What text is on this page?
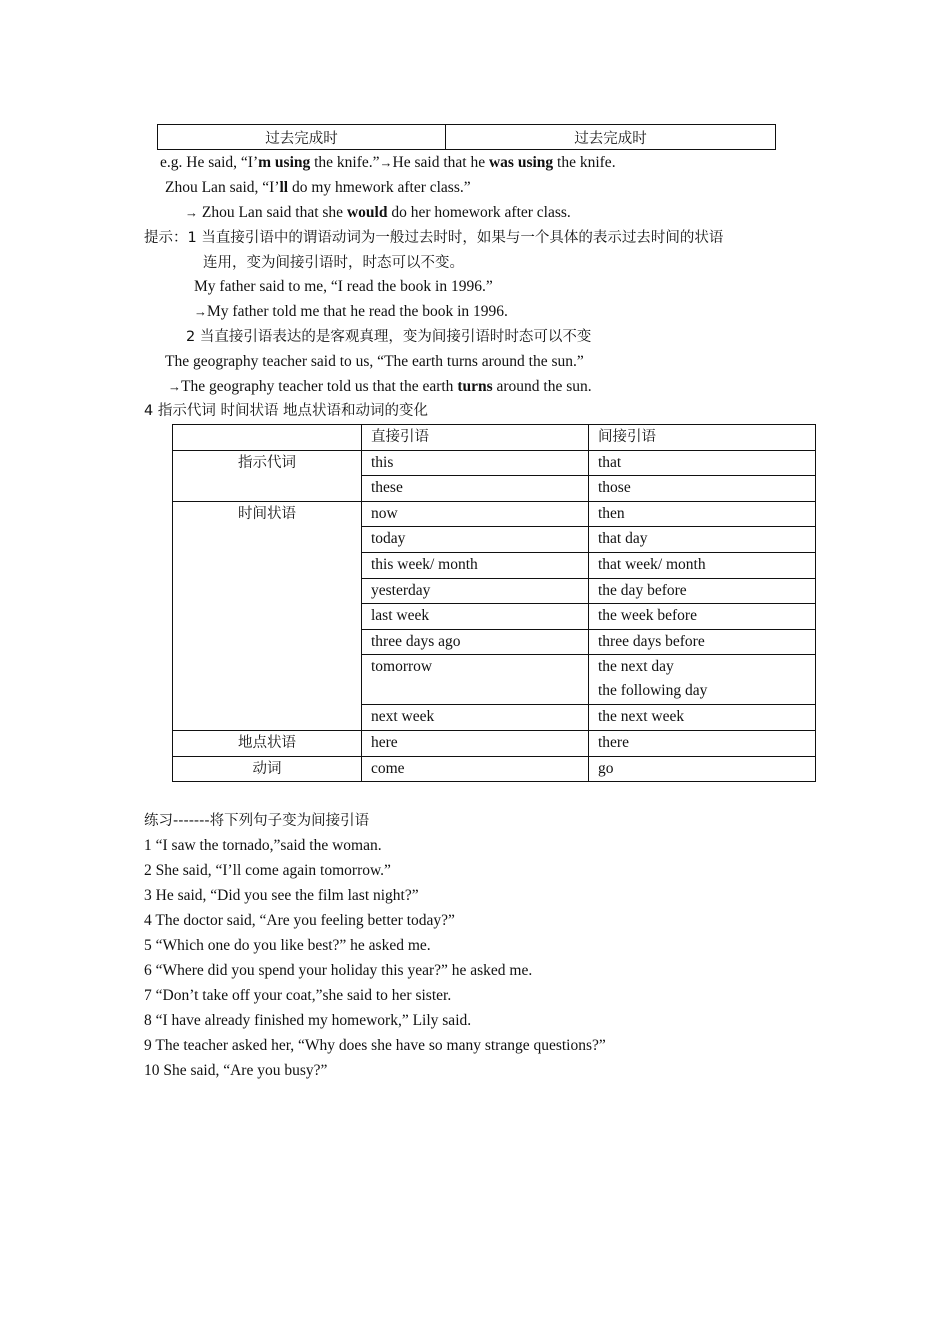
过去完成时	过去完成时
e.g. He said, “I’m using the knife.”→He said that he was using the knife.
Zhou Lan said, “I’ll do my hmework after class.”
→ Zhou Lan said that she would do her homework after class.
提示：1 当直接引语中的谓语动词为一般过去时时，如果与一个具体的表示过去时间的状语
连用，变为间接引语时，时态可以不变。
My father said to me, “I read the book in 1996.”
→My father told me that he read the book in 1996.
2 当直接引语表达的是客观真理，变为间接引语时时态可以不变
The geography teacher said to us, “The earth turns around the sun.”
→The geography teacher told us that the earth turns around the sun.
4 指示代词 时间状语 地点状语和动词的变化
	直接引语	间接引语
指示代词	this	that
	these	those
时间状语	now	then
	today	that day
	this week/ month	that week/ month
	yesterday	the day before
	last week	the week before
	three days ago	three days before
	tomorrow	the next day
the following day

	next week	the next week
地点状语	here	there
动词	come	go
练习-------将下列句子变为间接引语
1 “I saw the tornado,”said the woman.
2 She said, “I’ll come again tomorrow.”
3 He said, “Did you see the film last night?”
4 The doctor said, “Are you feeling better today?”
5 “Which one do you like best?” he asked me.
6 “Where did you spend your holiday this year?” he asked me.
7 “Don’t take off your coat,”she said to her sister.
8 “I have already finished my homework,” Lily said.
9 The teacher asked her, “Why does she have so many strange questions?”
10 She said, “Are you busy?”
